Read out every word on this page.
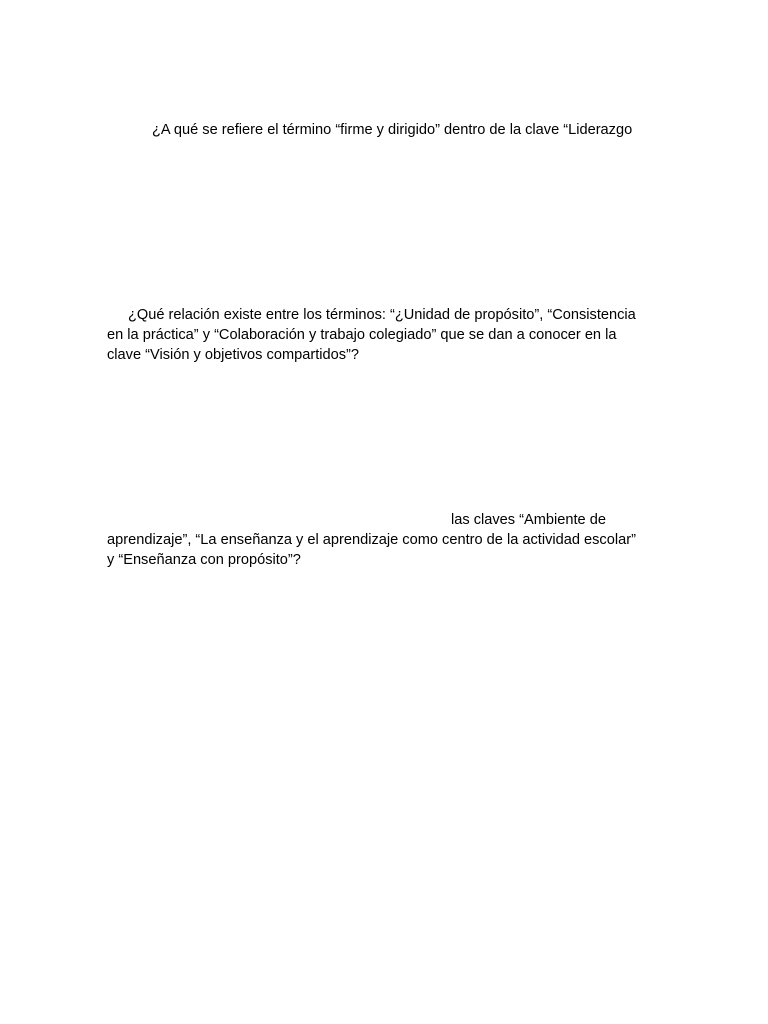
¿A qué se refiere el término “firme y dirigido” dentro de la clave “Liderazgo

¿Qué relación existe entre los términos: “¿Unidad de propósito”, “Consistencia
en la práctica” y “Colaboración y trabajo colegiado” que se dan a conocer en la
clave “Visión y objetivos compartidos”?

las claves “Ambiente de
aprendizaje”, “La enseñanza y el aprendizaje como centro de la actividad escolar”
y “Enseñanza con propósito”?
